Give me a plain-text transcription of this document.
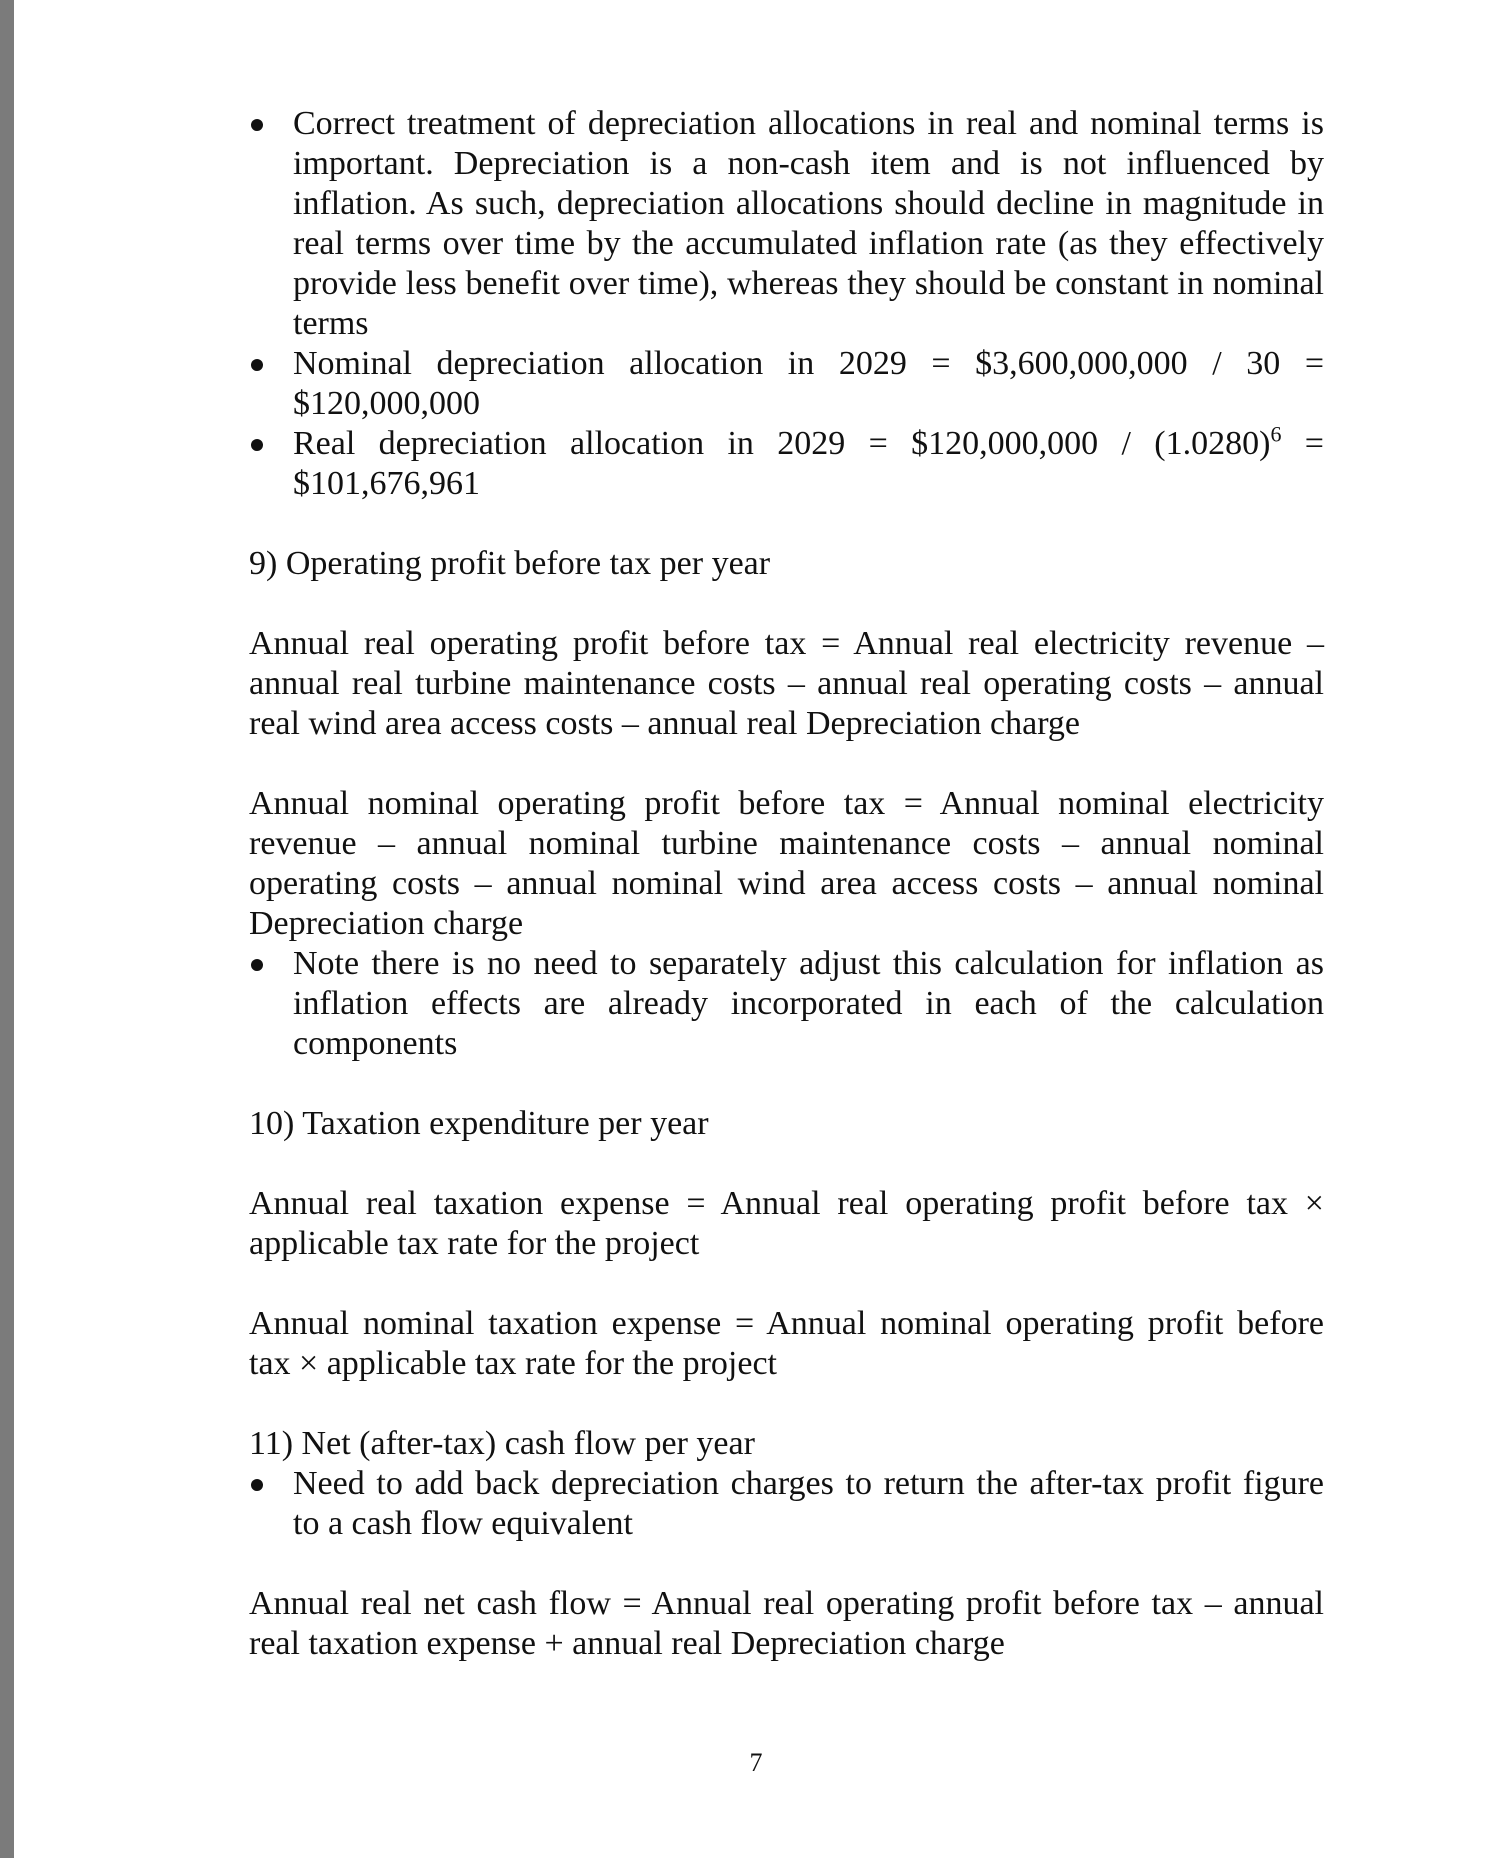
Correct treatment of depreciation allocations in real and nominal terms is important. Depreciation is a non-cash item and is not influenced by inflation. As such, depreciation allocations should decline in magnitude in real terms over time by the accumulated inflation rate (as they effectively provide less benefit over time), whereas they should be constant in nominal terms
Nominal depreciation allocation in 2029 = $3,600,000,000 / 30 = $120,000,000
Real depreciation allocation in 2029 = $120,000,000 / $(1.0280)^6$ = $101,676,961

9) Operating profit before tax per year

Annual real operating profit before tax = Annual real electricity revenue – annual real turbine maintenance costs – annual real operating costs – annual real wind area access costs – annual real Depreciation charge

Annual nominal operating profit before tax = Annual nominal electricity revenue – annual nominal turbine maintenance costs – annual nominal operating costs – annual nominal wind area access costs – annual nominal Depreciation charge

Note there is no need to separately adjust this calculation for inflation as inflation effects are already incorporated in each of the calculation components

10) Taxation expenditure per year

Annual real taxation expense = Annual real operating profit before tax × applicable tax rate for the project

Annual nominal taxation expense = Annual nominal operating profit before tax × applicable tax rate for the project

11) Net (after-tax) cash flow per year

Need to add back depreciation charges to return the after-tax profit figure to a cash flow equivalent

Annual real net cash flow = Annual real operating profit before tax – annual real taxation expense + annual real Depreciation charge

7
